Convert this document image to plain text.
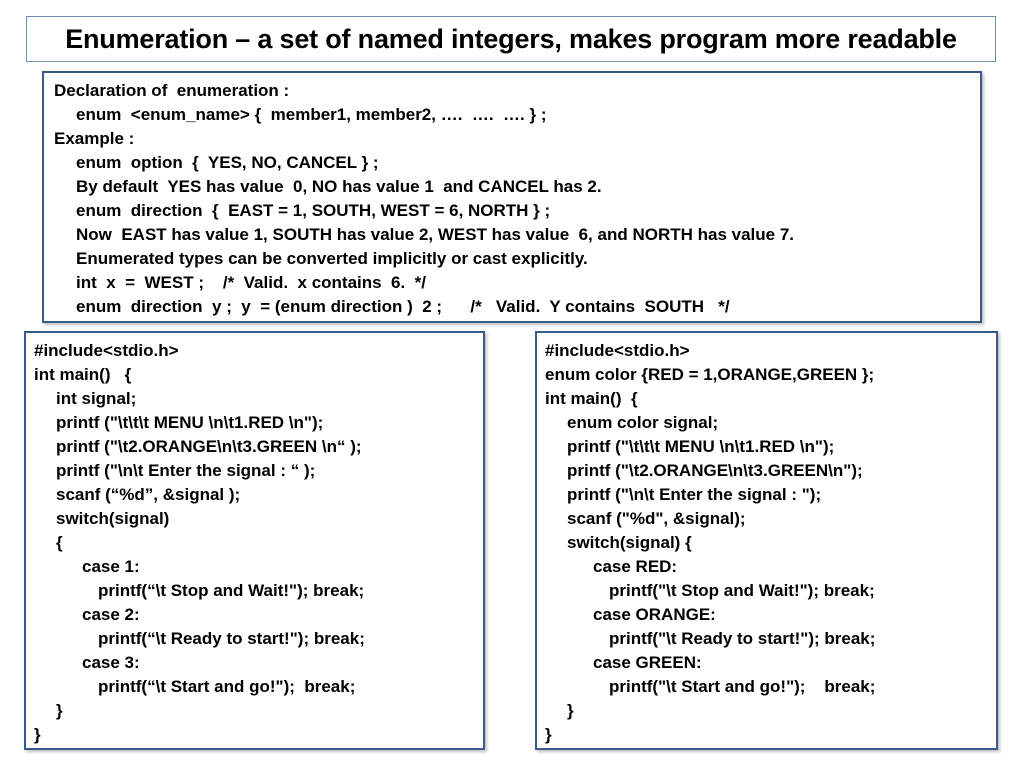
Enumeration – a set of named integers, makes program more readable
Declaration of  enumeration :
enum  <enum_name> {  member1, member2, ….  ….  …. } ;
Example :
enum  option  {  YES, NO, CANCEL } ;
By default  YES has value  0, NO has value 1  and CANCEL has 2.
enum  direction  {  EAST = 1, SOUTH, WEST = 6, NORTH } ;
Now  EAST has value 1, SOUTH has value 2, WEST has value  6, and NORTH has value 7.
Enumerated types can be converted implicitly or cast explicitly.
int  x  =  WEST ;    /*  Valid.  x contains  6.  */
enum  direction  y ;  y  = (enum direction )  2 ;      /*   Valid.  Y contains  SOUTH   */
#include<stdio.h>
int main()   {
int signal;
printf ("\t\t\t MENU \n\t1.RED \n");
printf ("\t2.ORANGE\n\t3.GREEN \n“ );
printf ("\n\t Enter the signal : “ );
scanf (“%d”, &signal );
switch(signal)
{
case 1:
printf(“\t Stop and Wait!"); break;
case 2:
printf(“\t Ready to start!"); break;
case 3:
printf(“\t Start and go!");  break;
}
}
#include<stdio.h>
enum color {RED = 1,ORANGE,GREEN };
int main()  {
enum color signal;
printf ("\t\t\t MENU \n\t1.RED \n");
printf ("\t2.ORANGE\n\t3.GREEN\n");
printf ("\n\t Enter the signal : ");
scanf ("%d", &signal);
switch(signal) {
case RED:
printf("\t Stop and Wait!"); break;
case ORANGE:
printf("\t Ready to start!"); break;
case GREEN:
printf("\t Start and go!");    break;
}
}
